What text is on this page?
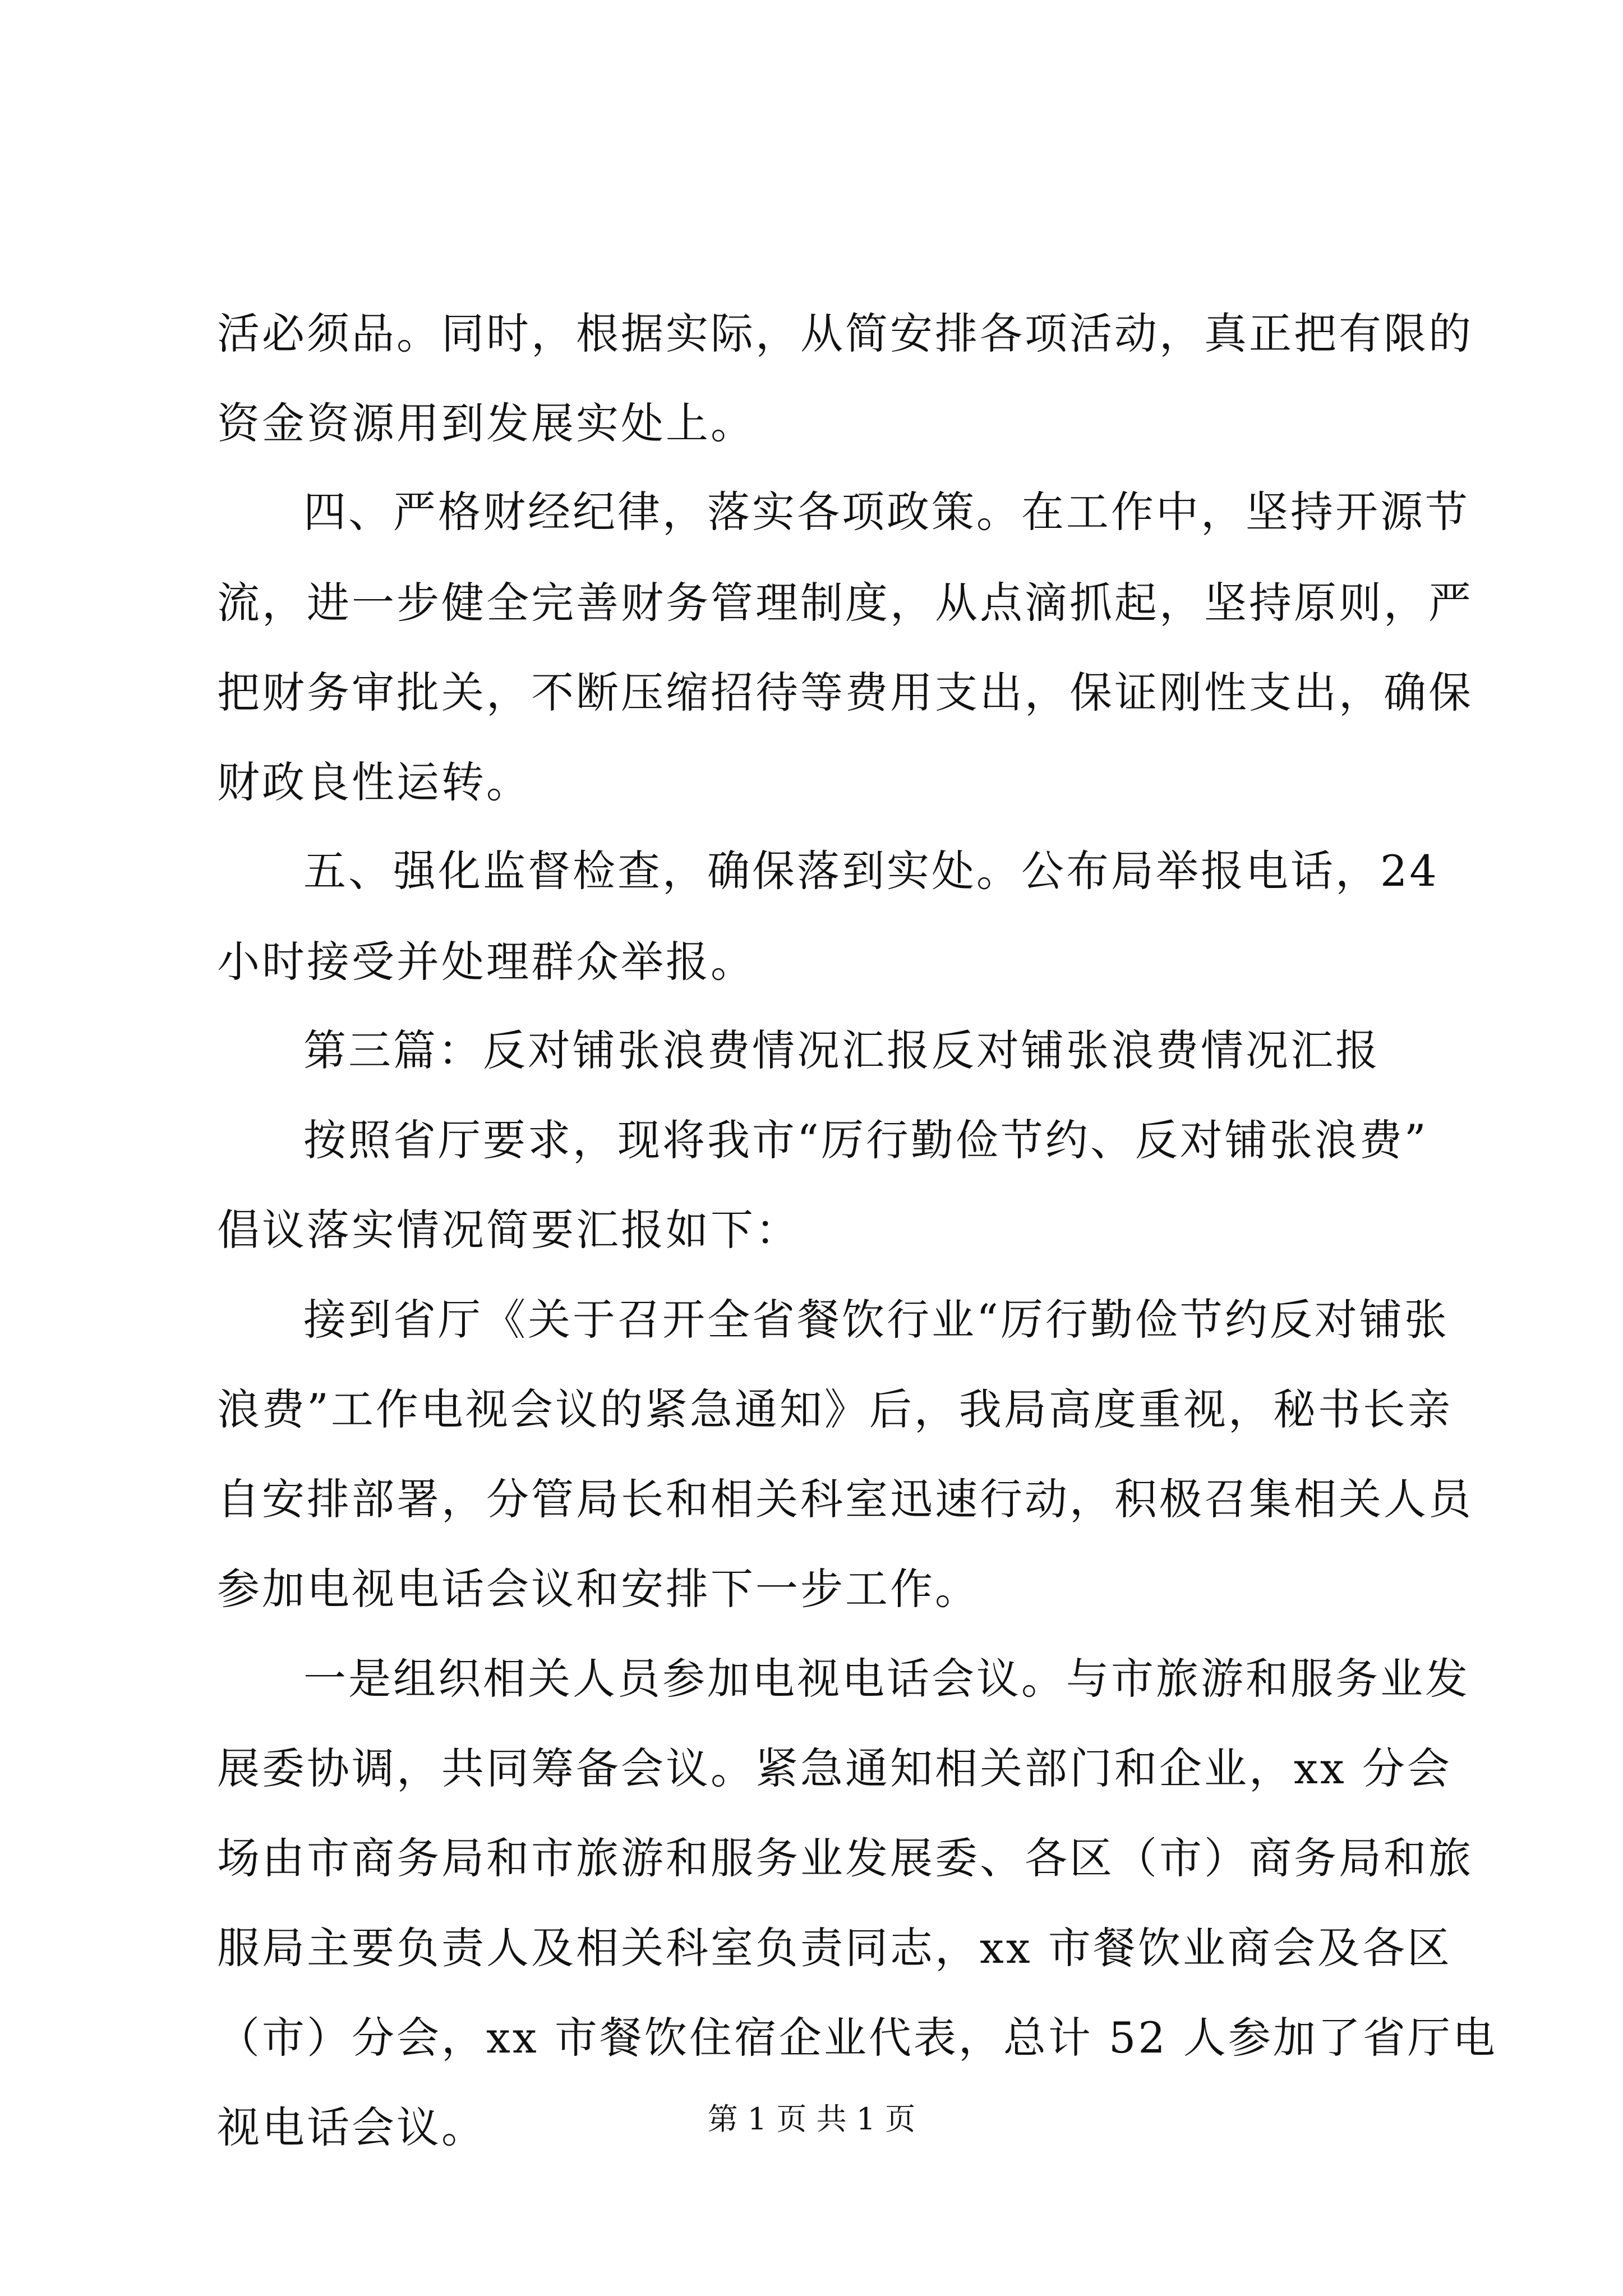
活必须品。同时，根据实际，从简安排各项活动，真正把有限的
资金资源用到发展实处上。
四、严格财经纪律，落实各项政策。在工作中，坚持开源节
流，进一步健全完善财务管理制度，从点滴抓起，坚持原则，严
把财务审批关，不断压缩招待等费用支出，保证刚性支出，确保
财政良性运转。
五、强化监督检查，确保落到实处。公布局举报电话，24
小时接受并处理群众举报。
第三篇：反对铺张浪费情况汇报反对铺张浪费情况汇报
按照省厅要求，现将我市“厉行勤俭节约、反对铺张浪费”
倡议落实情况简要汇报如下：
接到省厅《关于召开全省餐饮行业“厉行勤俭节约反对铺张
浪费”工作电视会议的紧急通知》后，我局高度重视，秘书长亲
自安排部署，分管局长和相关科室迅速行动，积极召集相关人员
参加电视电话会议和安排下一步工作。
一是组织相关人员参加电视电话会议。与市旅游和服务业发
展委协调，共同筹备会议。紧急通知相关部门和企业，xx 分会
场由市商务局和市旅游和服务业发展委、各区（市）商务局和旅
服局主要负责人及相关科室负责同志，xx 市餐饮业商会及各区
（市）分会，xx 市餐饮住宿企业代表，总计 52 人参加了省厅电
视电话会议。	第 1 页 共 1 页
